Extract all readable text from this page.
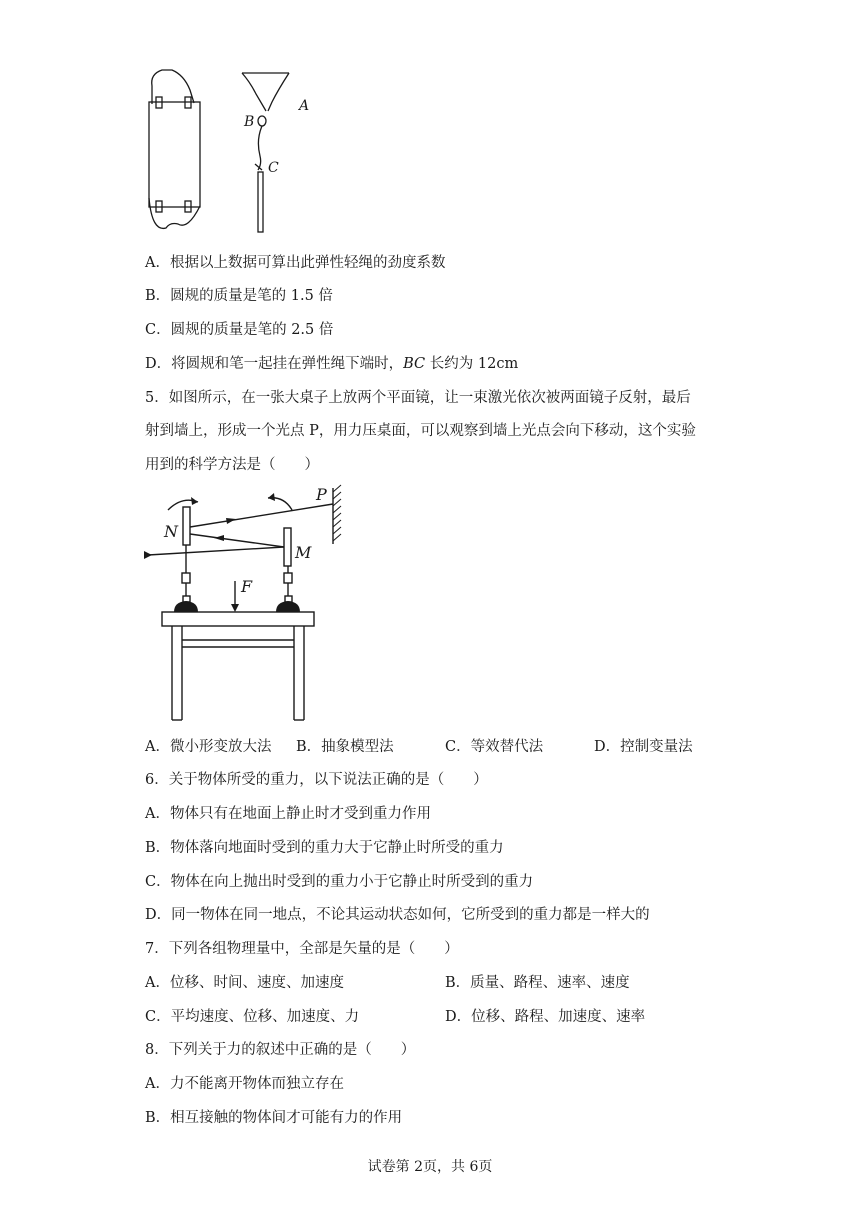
A
B
C
A．根据以上数据可算出此弹性轻绳的劲度系数
B．圆规的质量是笔的 1.5 倍
C．圆规的质量是笔的 2.5 倍
D．将圆规和笔一起挂在弹性绳下端时，BC 长约为 12cm
5．如图所示，在一张大桌子上放两个平面镜，让一束激光依次被两面镜子反射，最后
射到墙上，形成一个光点 P，用力压桌面，可以观察到墙上光点会向下移动，这个实验
用到的科学方法是（　　）
P
N
M
F
A．微小形变放大法 B．抽象模型法	C．等效替代法	D．控制变量法
6．关于物体所受的重力，以下说法正确的是（　　）
A．物体只有在地面上静止时才受到重力作用
B．物体落向地面时受到的重力大于它静止时所受的重力
C．物体在向上抛出时受到的重力小于它静止时所受到的重力
D．同一物体在同一地点，不论其运动状态如何，它所受到的重力都是一样大的
7．下列各组物理量中，全部是矢量的是（　　）
A．位移、时间、速度、加速度	B．质量、路程、速率、速度
C．平均速度、位移、加速度、力	D．位移、路程、加速度、速率
8．下列关于力的叙述中正确的是（　　）
A．力不能离开物体而独立存在
B．相互接触的物体间才可能有力的作用
试卷第 2页，共 6页
